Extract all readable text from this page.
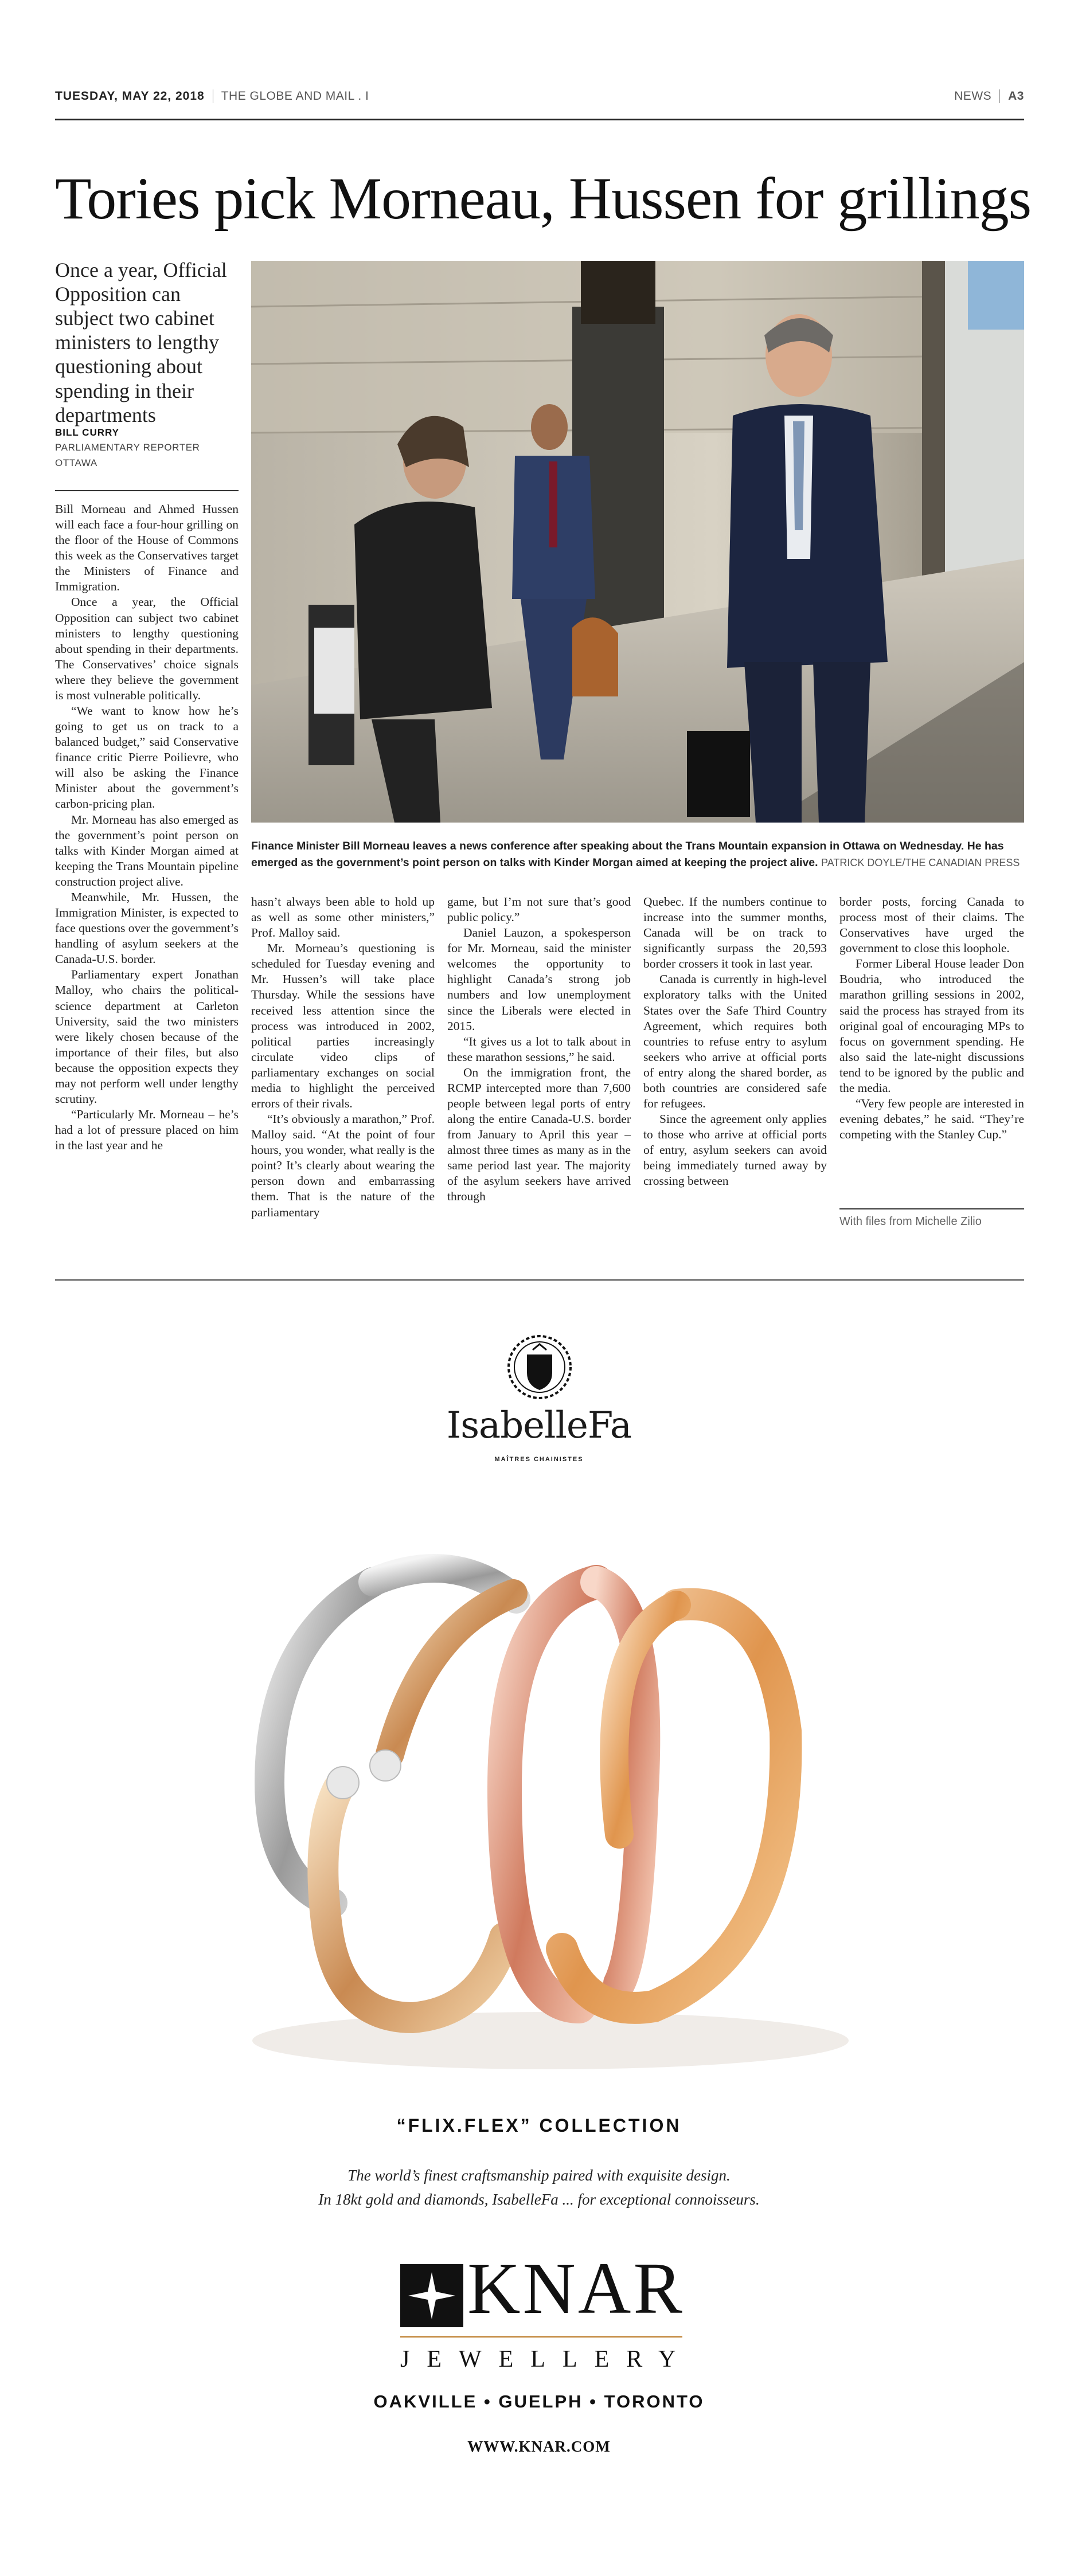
TUESDAY, MAY 22, 2018 THE GLOBE AND MAIL . I	NEWS A3
Tories pick Morneau, Hussen for grillings
Once a year, Official Opposition can subject two cabinet ministers to lengthy questioning about spending in their departments
BILL CURRY
PARLIAMENTARY REPORTER
OTTAWA
Finance Minister Bill Morneau leaves a news conference after speaking about the Trans Mountain expansion in Ottawa on Wednesday. He has emerged as the government’s point person on talks with Kinder Morgan aimed at keeping the project alive. PATRICK DOYLE/THE CANADIAN PRESS

Bill Morneau and Ahmed Hussen will each face a four-hour grilling on the floor of the House of Commons this week as the Conservatives target the Ministers of Finance and Immigration.

Once a year, the Official Opposition can subject two cabinet ministers to lengthy questioning about spending in their departments. The Conservatives’ choice signals where they believe the government is most vulnerable politically.

“We want to know how he’s going to get us on track to a balanced budget,” said Conservative finance critic Pierre Poilievre, who will also be asking the Finance Minister about the government’s carbon-pricing plan.

Mr. Morneau has also emerged as the government’s point person on talks with Kinder Morgan aimed at keeping the Trans Mountain pipeline construction project alive.

Meanwhile, Mr. Hussen, the Immigration Minister, is expected to face questions over the government’s handling of asylum seekers at the Canada-U.S. border.

Parliamentary expert Jonathan Malloy, who chairs the political-science department at Carleton University, said the two ministers were likely chosen because of the importance of their files, but also because the opposition expects they may not perform well under lengthy scrutiny.

“Particularly Mr. Morneau – he’s had a lot of pressure placed on him in the last year and he

hasn’t always been able to hold up as well as some other ministers,” Prof. Malloy said.

Mr. Morneau’s questioning is scheduled for Tuesday evening and Mr. Hussen’s will take place Thursday. While the sessions have received less attention since the process was introduced in 2002, political parties increasingly circulate video clips of parliamentary exchanges on social media to highlight the perceived errors of their rivals.

“It’s obviously a marathon,” Prof. Malloy said. “At the point of four hours, you wonder, what really is the point? It’s clearly about wearing the person down and embarrassing them. That is the nature of the parliamentary

game, but I’m not sure that’s good public policy.”

Daniel Lauzon, a spokesperson for Mr. Morneau, said the minister welcomes the opportunity to highlight Canada’s strong job numbers and low unemployment since the Liberals were elected in 2015.

“It gives us a lot to talk about in these marathon sessions,” he said.

On the immigration front, the RCMP intercepted more than 7,600 people between legal ports of entry along the entire Canada-U.S. border from January to April this year – almost three times as many as in the same period last year. The majority of the asylum seekers have arrived through

Quebec. If the numbers continue to increase into the summer months, Canada will be on track to significantly surpass the 20,593 border crossers it took in last year.

Canada is currently in high-level exploratory talks with the United States over the Safe Third Country Agreement, which requires both countries to refuse entry to asylum seekers who arrive at official ports of entry along the shared border, as both countries are considered safe for refugees.

Since the agreement only applies to those who arrive at official ports of entry, asylum seekers can avoid being immediately turned away by crossing between

border posts, forcing Canada to process most of their claims. The Conservatives have urged the government to close this loophole.

Former Liberal House leader Don Boudria, who introduced the marathon grilling sessions in 2002, said the process has strayed from its original goal of encouraging MPs to focus on government spending. He also said the late-night discussions tend to be ignored by the public and the media.

“Very few people are interested in evening debates,” he said. “They’re competing with the Stanley Cup.”

With files from Michelle Zilio
IsabelleFa
MAÎTRES CHAINISTES
“FLIX.FLEX” COLLECTION
The world’s finest craftsmanship paired with exquisite design.
In 18kt gold and diamonds, IsabelleFa ... for exceptional connoisseurs.
KNAR
JEWELLERY
OAKVILLE • GUELPH • TORONTO
WWW.KNAR.COM
